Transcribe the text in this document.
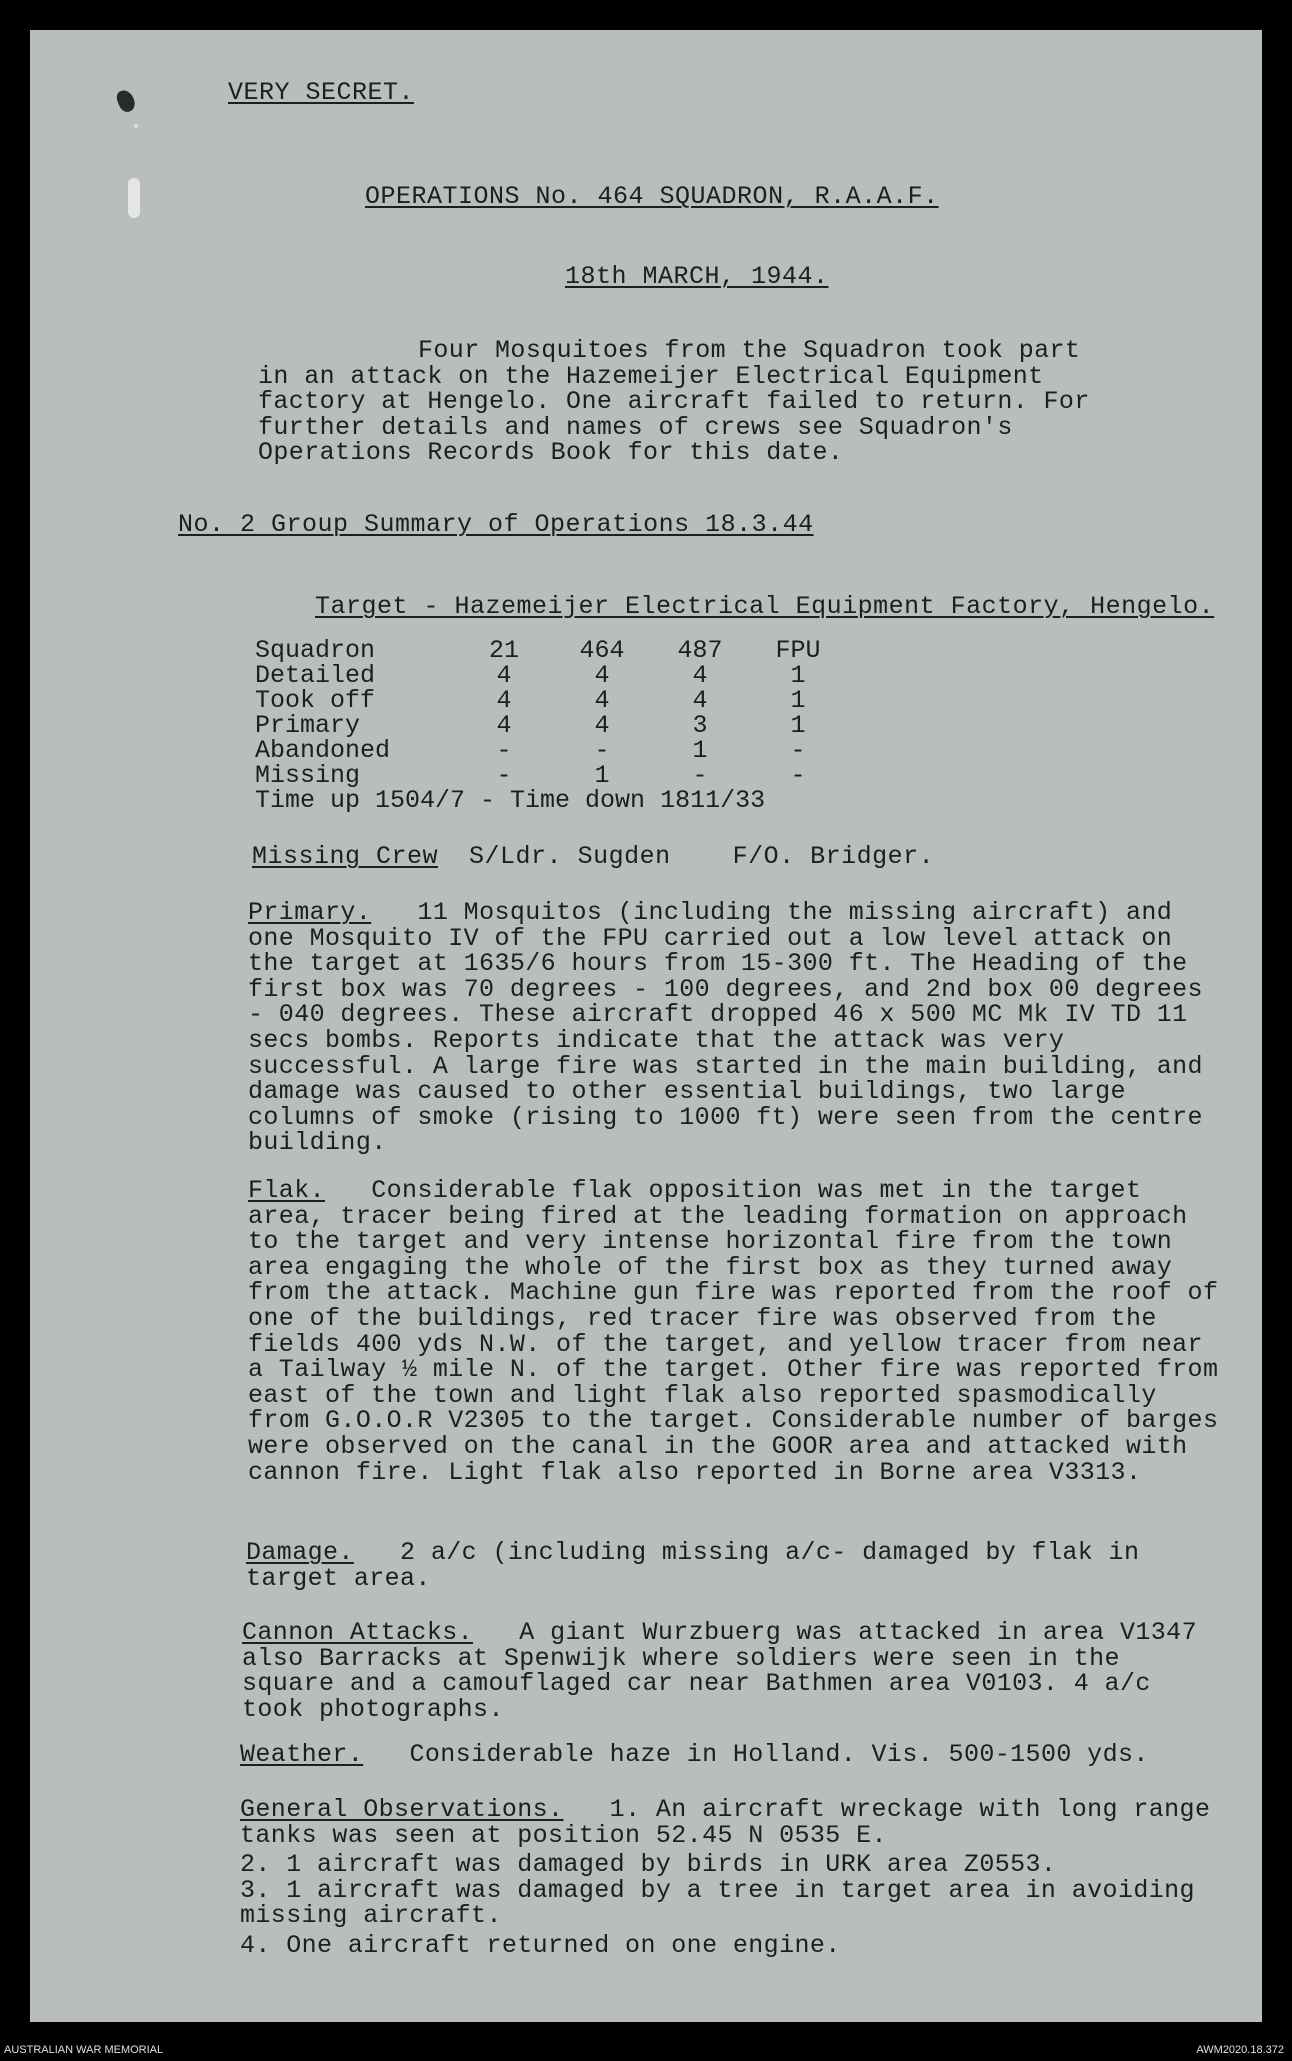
VERY SECRET.
OPERATIONS No. 464 SQUADRON, R.A.A.F.
18th MARCH, 1944.
Four Mosquitoes from the Squadron took part in an attack on the Hazemeijer Electrical Equipment factory at Hengelo. One aircraft failed to return. For further details and names of crews see Squadron's Operations Records Book for this date.
No. 2 Group Summary of Operations 18.3.44
Target - Hazemeijer Electrical Equipment Factory, Hengelo.
Squadron	21	464	487	FPU
Detailed	4	4	4	1
Took off	4	4	4	1
Primary	4	4	3	1
Abandoned	-	-	1	-
Missing	-	1	-	-
Time up 1504/7 - Time down 1811/33				
Missing Crew S/Ldr. Sugden    F/O. Bridger.
Primary. 11 Mosquitos (including the missing aircraft) and one Mosquito IV of the FPU carried out a low level attack on the target at 1635/6 hours from 15-300 ft. The Heading of the first box was 70 degrees - 100 degrees, and 2nd box 00 degrees - 040 degrees. These aircraft dropped 46 x 500 MC Mk IV TD 11 secs bombs. Reports indicate that the attack was very successful. A large fire was started in the main building, and damage was caused to other essential buildings, two large columns of smoke (rising to 1000 ft) were seen from the centre building.
Flak. Considerable flak opposition was met in the target area, tracer being fired at the leading formation on approach to the target and very intense horizontal fire from the town area engaging the whole of the first box as they turned away from the attack. Machine gun fire was reported from the roof of one of the buildings, red tracer fire was observed from the fields 400 yds N.W. of the target, and yellow tracer from near a Tailway ½ mile N. of the target. Other fire was reported from east of the town and light flak also reported spasmodically from G.O.O.R V2305 to the target. Considerable number of barges were observed on the canal in the GOOR area and attacked with cannon fire. Light flak also reported in Borne area V3313.
Damage. 2 a/c (including missing a/c- damaged by flak in target area.
Cannon Attacks. A giant Wurzbuerg was attacked in area V1347 also Barracks at Spenwijk where soldiers were seen in the square and a camouflaged car near Bathmen area V0103. 4 a/c took photographs.
Weather. Considerable haze in Holland. Vis. 500-1500 yds.
General Observations. 1. An aircraft wreckage with long range tanks was seen at position 52.45 N 0535 E.
2. 1 aircraft was damaged by birds in URK area Z0553.
3. 1 aircraft was damaged by a tree in target area in avoiding missing aircraft.
4. One aircraft returned on one engine.
AUSTRALIAN WAR MEMORIAL	AWM2020.18.372
